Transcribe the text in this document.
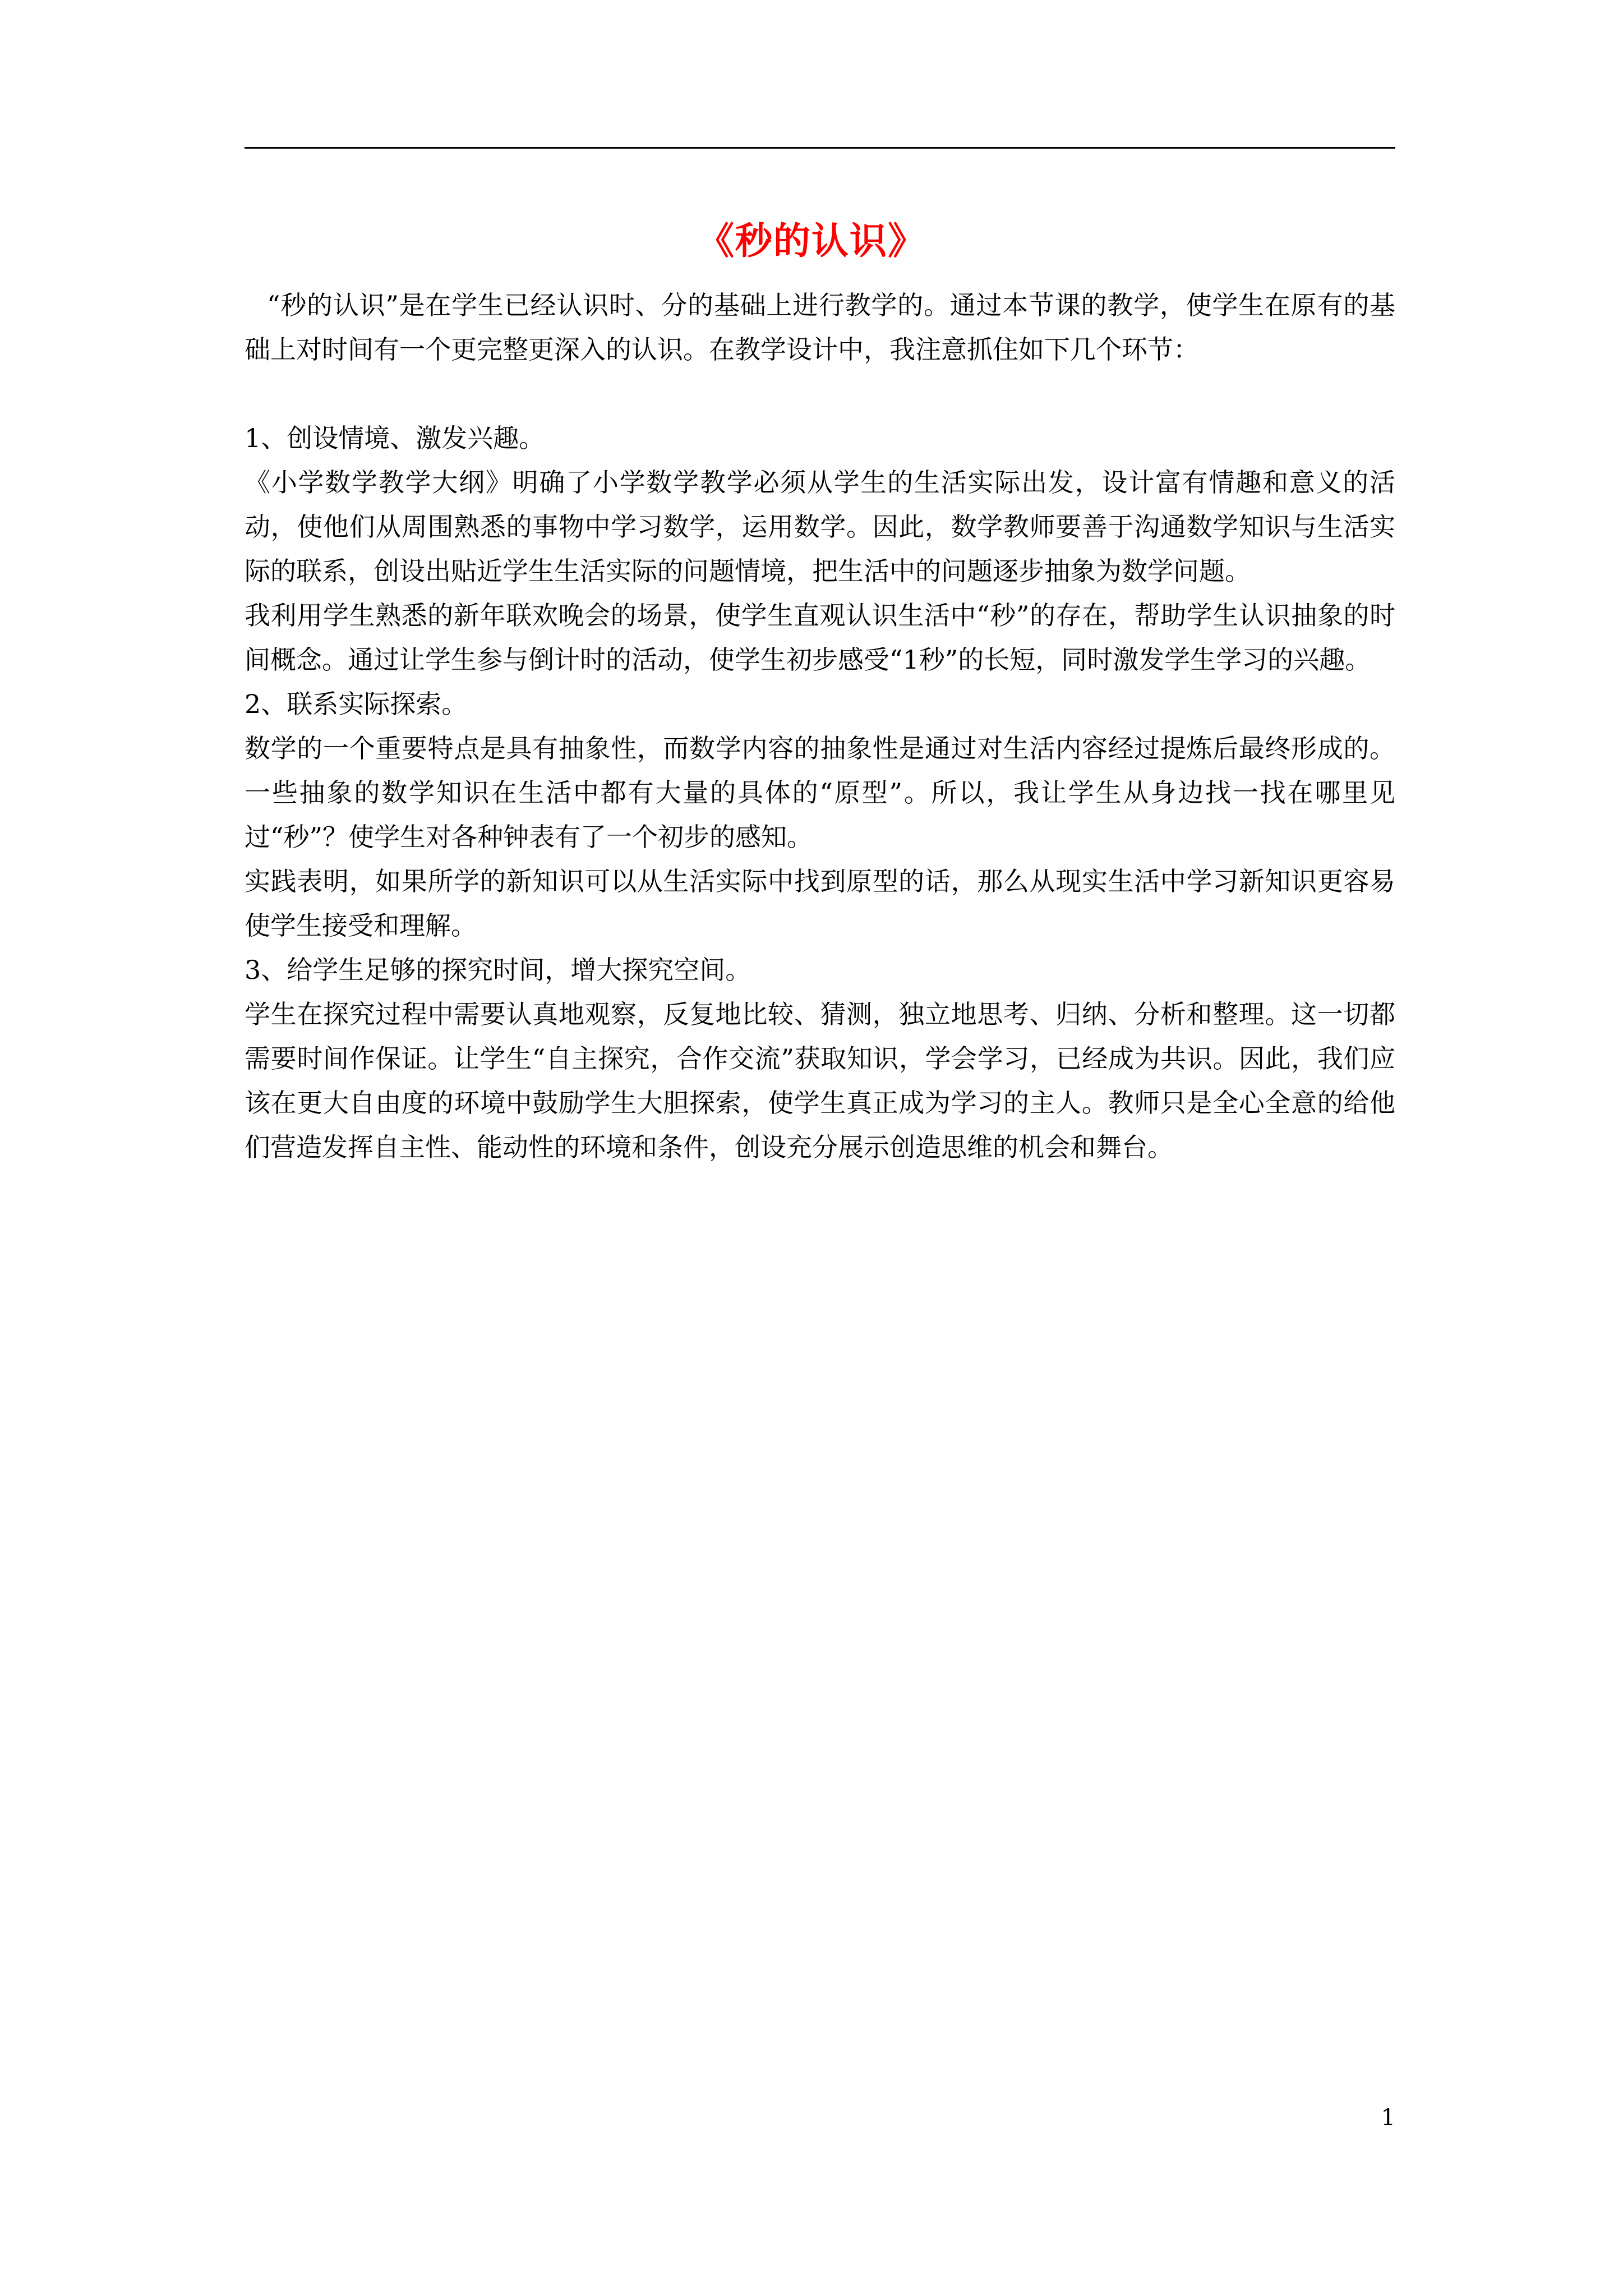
《秒的认识》

“秒的认识”是在学生已经认识时、分的基础上进行教学的。通过本节课的教学，使学生在原有的基础上对时间有一个更完整更深入的认识。在教学设计中，我注意抓住如下几个环节：

1、创设情境、激发兴趣。

《小学数学教学大纲》明确了小学数学教学必须从学生的生活实际出发，设计富有情趣和意义的活动，使他们从周围熟悉的事物中学习数学，运用数学。因此，数学教师要善于沟通数学知识与生活实际的联系，创设出贴近学生生活实际的问题情境，把生活中的问题逐步抽象为数学问题。

我利用学生熟悉的新年联欢晚会的场景，使学生直观认识生活中“秒”的存在，帮助学生认识抽象的时间概念。通过让学生参与倒计时的活动，使学生初步感受“1秒”的长短，同时激发学生学习的兴趣。

2、联系实际探索。

数学的一个重要特点是具有抽象性，而数学内容的抽象性是通过对生活内容经过提炼后最终形成的。一些抽象的数学知识在生活中都有大量的具体的“原型”。所以，我让学生从身边找一找在哪里见过“秒”？使学生对各种钟表有了一个初步的感知。

实践表明，如果所学的新知识可以从生活实际中找到原型的话，那么从现实生活中学习新知识更容易使学生接受和理解。

3、给学生足够的探究时间，增大探究空间。

学生在探究过程中需要认真地观察，反复地比较、猜测，独立地思考、归纳、分析和整理。这一切都需要时间作保证。让学生“自主探究，合作交流”获取知识，学会学习，已经成为共识。因此，我们应该在更大自由度的环境中鼓励学生大胆探索，使学生真正成为学习的主人。教师只是全心全意的给他们营造发挥自主性、能动性的环境和条件，创设充分展示创造思维的机会和舞台。

1
